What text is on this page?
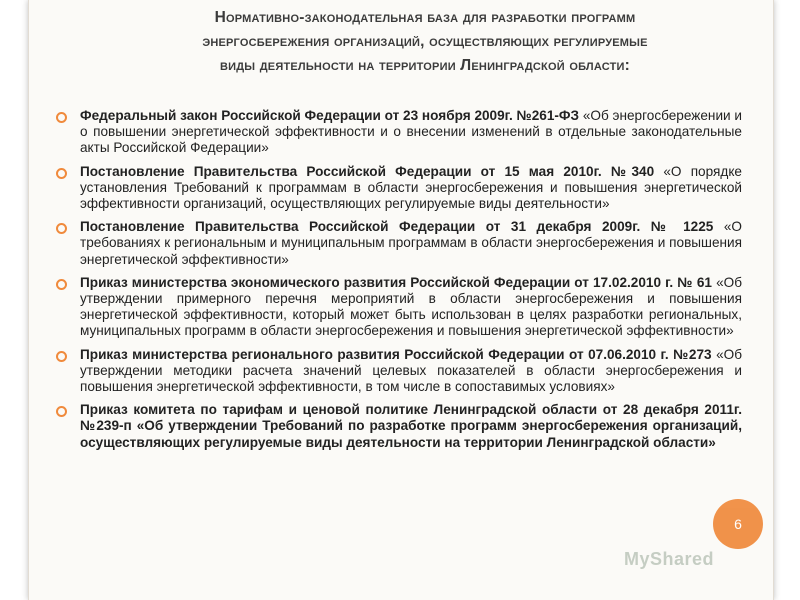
Нормативно-законодательная база для разработки программ
энергосбережения организаций, осуществляющих регулируемые
виды деятельности на территории Ленинградской области:
Федеральный закон Российской Федерации от 23 ноября 2009г. №261-ФЗ «Об энергосбережении и о повышении энергетической эффективности и о внесении изменений в отдельные законодательные акты Российской Федерации»
Постановление Правительства Российской Федерации от 15 мая 2010г. №340 «О порядке установления Требований к программам в области энергосбережения и повышения энергетической эффективности организаций, осуществляющих регулируемые виды деятельности»
Постановление Правительства Российской Федерации от 31 декабря 2009г. № 1225 «О требованиях к региональным и муниципальным программам в области энергосбережения и повышения энергетической эффективности»
Приказ министерства экономического развития Российской Федерации от 17.02.2010 г. № 61 «Об утверждении примерного перечня мероприятий в области энергосбережения и повышения энергетической эффективности, который может быть использован в целях разработки региональных, муниципальных программ в области энергосбережения и повышения энергетической эффективности»
Приказ министерства регионального развития Российской Федерации от 07.06.2010 г. №273 «Об утверждении методики расчета значений целевых показателей в области энергосбережения и повышения энергетической эффективности, в том числе в сопоставимых условиях»
Приказ комитета по тарифам и ценовой политике Ленинградской области от 28 декабря 2011г. №239-п «Об утверждении Требований по разработке программ энергосбережения организаций, осуществляющих регулируемые виды деятельности на территории Ленинградской области»
6
MyShared
